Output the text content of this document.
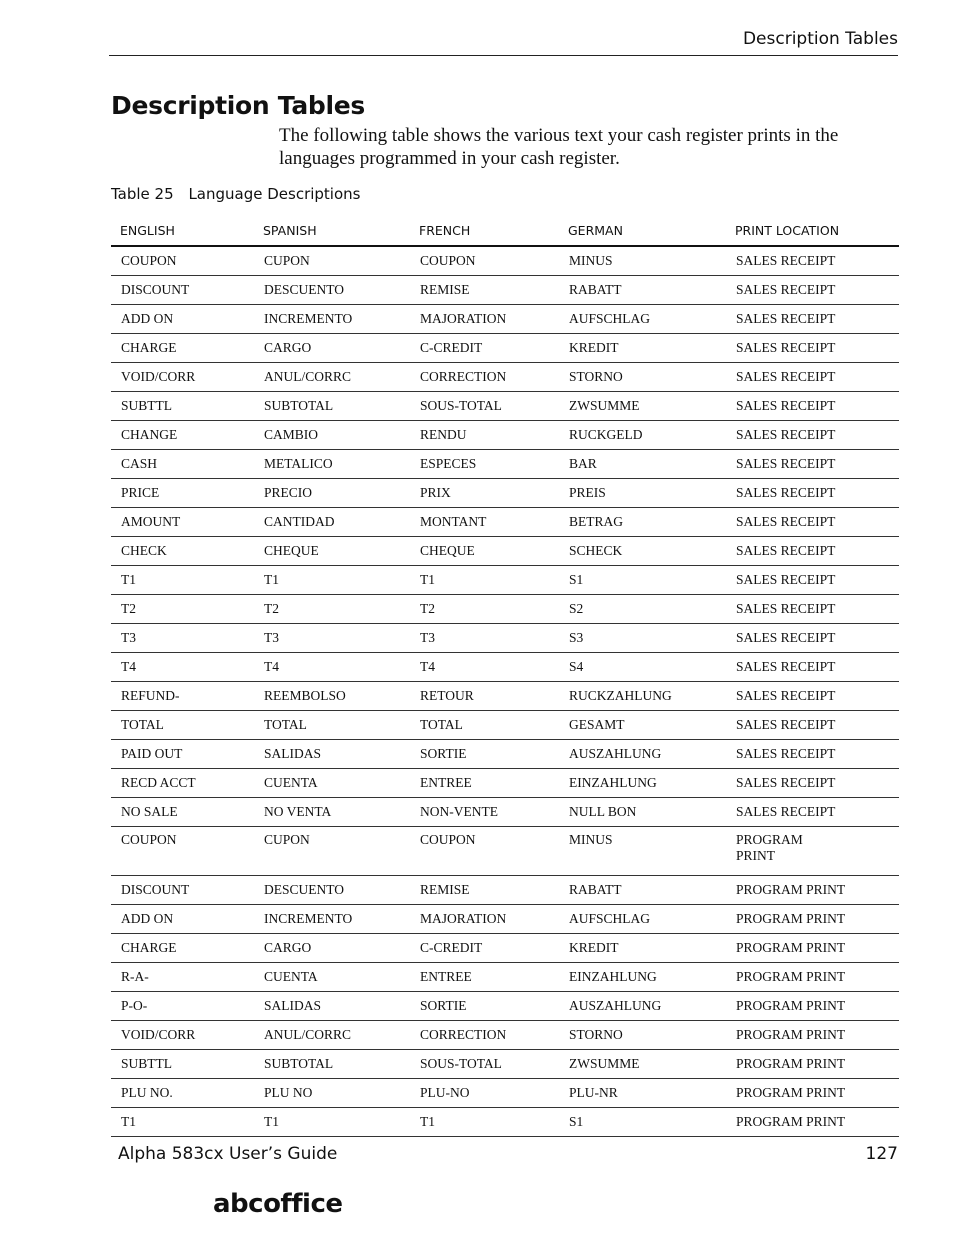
Description Tables
Description Tables

The following table shows the various text your cash register prints in the languages programmed in your cash register.

Table 25 Language Descriptions
ENGLISH	SPANISH	FRENCH	GERMAN	PRINT LOCATION
COUPON	CUPON	COUPON	MINUS	SALES RECEIPT
DISCOUNT	DESCUENTO	REMISE	RABATT	SALES RECEIPT
ADD ON	INCREMENTO	MAJORATION	AUFSCHLAG	SALES RECEIPT
CHARGE	CARGO	C-CREDIT	KREDIT	SALES RECEIPT
VOID/CORR	ANUL/CORRC	CORRECTION	STORNO	SALES RECEIPT
SUBTTL	SUBTOTAL	SOUS-TOTAL	ZWSUMME	SALES RECEIPT
CHANGE	CAMBIO	RENDU	RUCKGELD	SALES RECEIPT
CASH	METALICO	ESPECES	BAR	SALES RECEIPT
PRICE	PRECIO	PRIX	PREIS	SALES RECEIPT
AMOUNT	CANTIDAD	MONTANT	BETRAG	SALES RECEIPT
CHECK	CHEQUE	CHEQUE	SCHECK	SALES RECEIPT
T1	T1	T1	S1	SALES RECEIPT
T2	T2	T2	S2	SALES RECEIPT
T3	T3	T3	S3	SALES RECEIPT
T4	T4	T4	S4	SALES RECEIPT
REFUND-	REEMBOLSO	RETOUR	RUCKZAHLUNG	SALES RECEIPT
TOTAL	TOTAL	TOTAL	GESAMT	SALES RECEIPT
PAID OUT	SALIDAS	SORTIE	AUSZAHLUNG	SALES RECEIPT
RECD ACCT	CUENTA	ENTREE	EINZAHLUNG	SALES RECEIPT
NO SALE	NO VENTA	NON-VENTE	NULL BON	SALES RECEIPT
COUPON	CUPON	COUPON	MINUS	PROGRAM PRINT
DISCOUNT	DESCUENTO	REMISE	RABATT	PROGRAM PRINT
ADD ON	INCREMENTO	MAJORATION	AUFSCHLAG	PROGRAM PRINT
CHARGE	CARGO	C-CREDIT	KREDIT	PROGRAM PRINT
R-A-	CUENTA	ENTREE	EINZAHLUNG	PROGRAM PRINT
P-O-	SALIDAS	SORTIE	AUSZAHLUNG	PROGRAM PRINT
VOID/CORR	ANUL/CORRC	CORRECTION	STORNO	PROGRAM PRINT
SUBTTL	SUBTOTAL	SOUS-TOTAL	ZWSUMME	PROGRAM PRINT
PLU NO.	PLU NO	PLU-NO	PLU-NR	PROGRAM PRINT
T1	T1	T1	S1	PROGRAM PRINT
Alpha 583cx User’s Guide	127
abcoffice
